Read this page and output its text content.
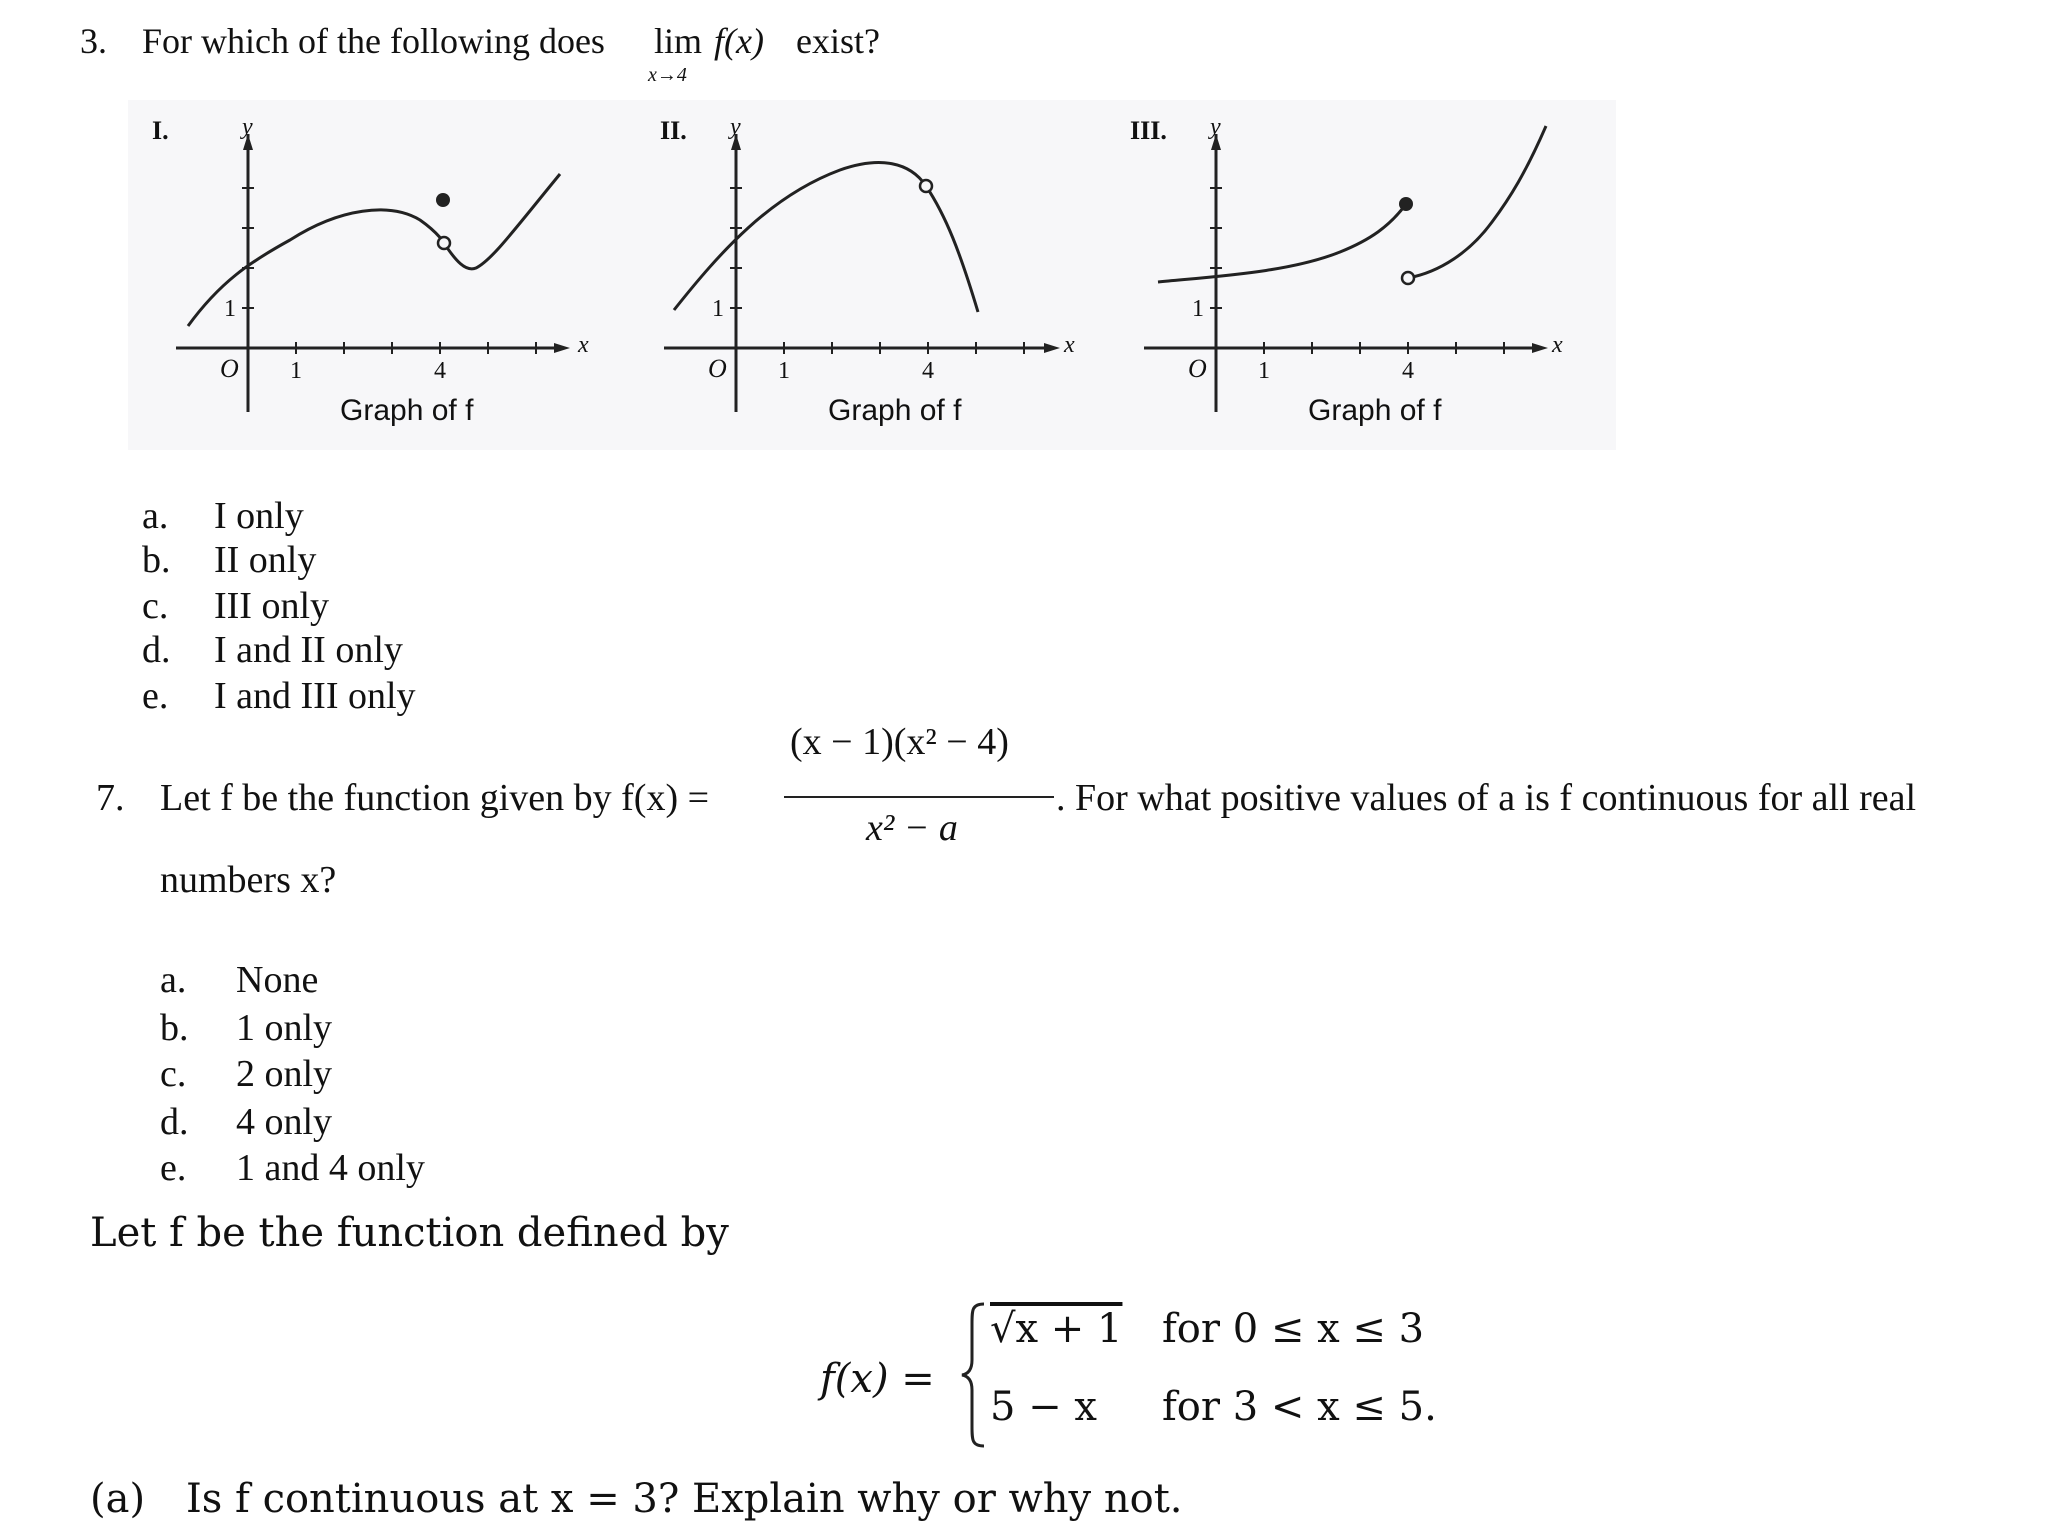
3. For which of the following does lim
x→4
f(x) exist?
I.	y
x
O 1	4
1
Graph of f
II. y
x
O 1	4
1
Graph of f
III. y
x
O 1	4
1
Graph of f
a. I only
b. II only
c. III only
d. I and II only
e. I and III only
7. Let f be the function given by f(x) =
(x − 1)(x² − 4)
x² − a
. For what positive values of a is f continuous for all real
numbers x?
a. None
b. 1 only
c. 2 only
d. 4 only
e. 1 and 4 only
Let f be the function defined by
f(x) =
√x + 1 for 0 ≤ x ≤ 3
5 − x for 3 < x ≤ 5.
(a) Is f continuous at x = 3? Explain why or why not.
